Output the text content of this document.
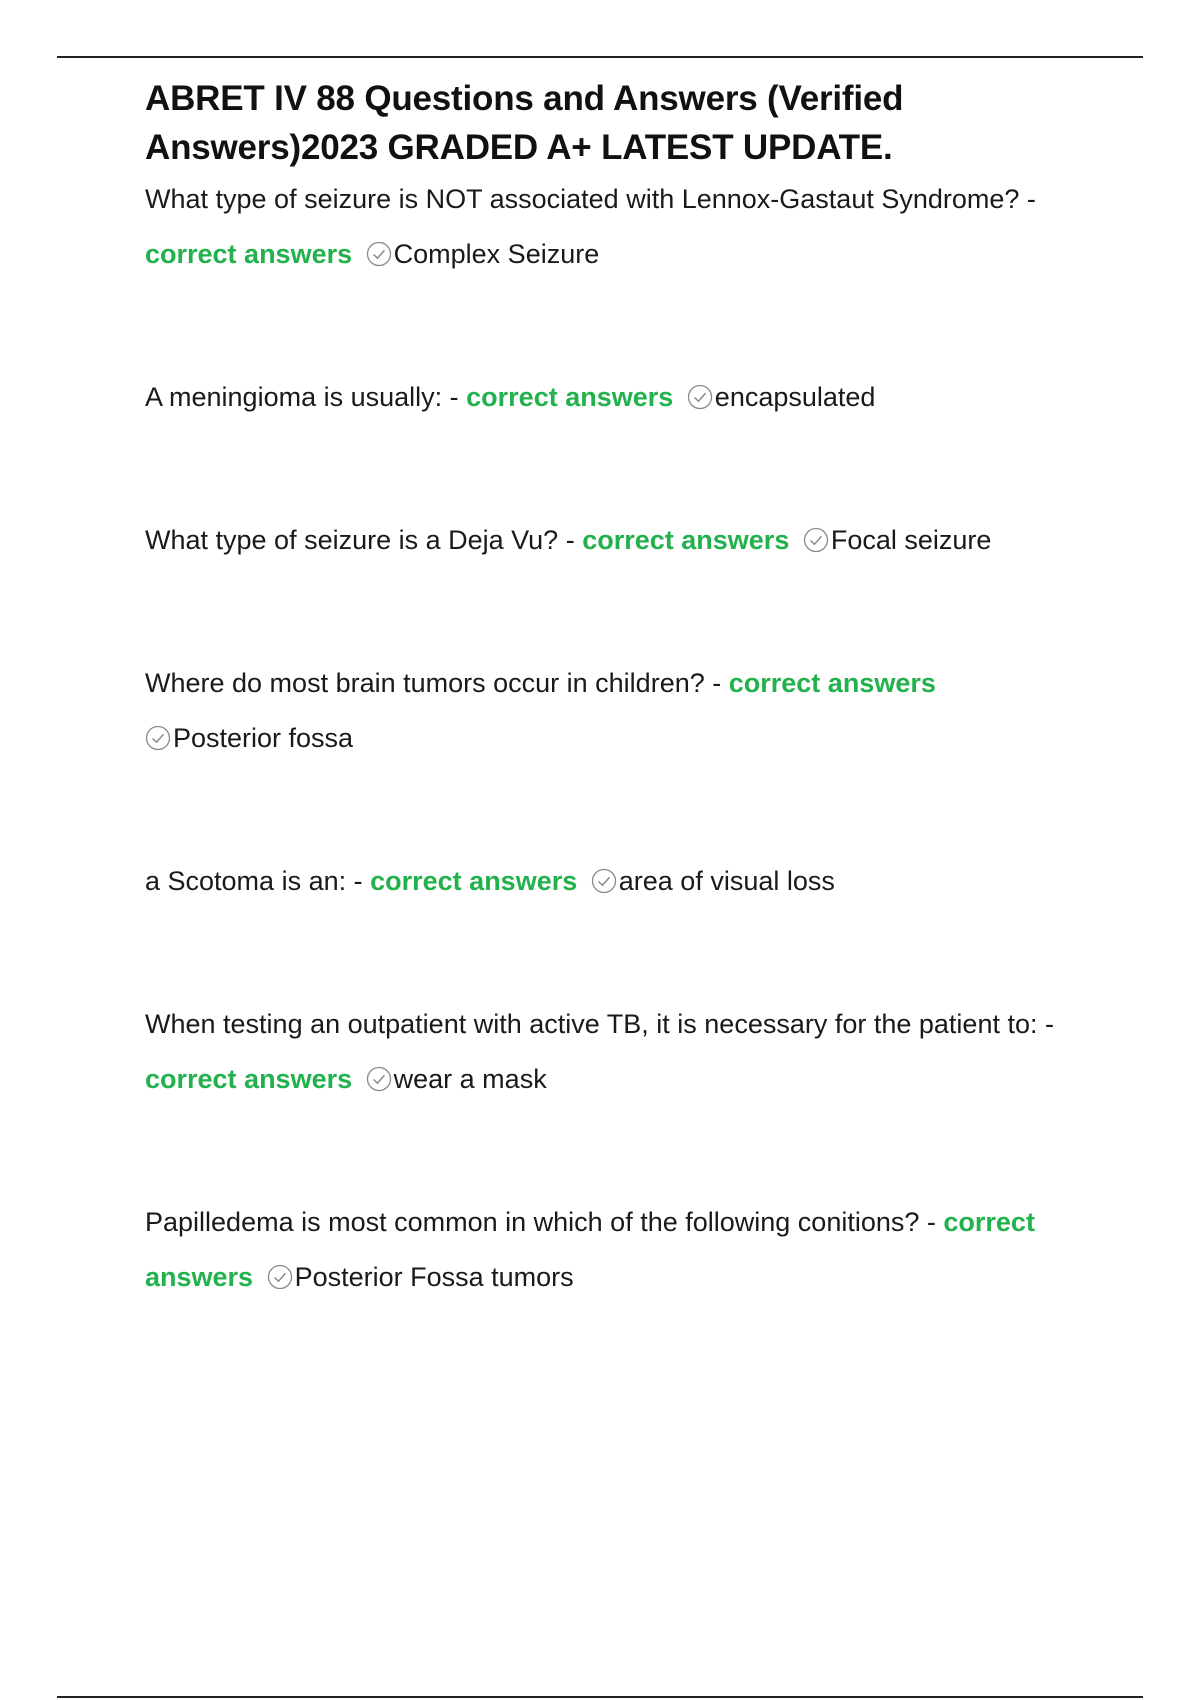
ABRET IV 88 Questions and Answers (Verified
Answers)2023 GRADED A+ LATEST UPDATE.

What type of seizure is NOT associated with Lennox-Gastaut Syndrome? -
correct answers Complex Seizure

A meningioma is usually: - correct answers encapsulated

What type of seizure is a Deja Vu? - correct answers Focal seizure

Where do most brain tumors occur in children? - correct answers
Posterior fossa

a Scotoma is an: - correct answers area of visual loss

When testing an outpatient with active TB, it is necessary for the patient to: -
correct answers wear a mask

Papilledema is most common in which of the following conitions? - correct
answers Posterior Fossa tumors
